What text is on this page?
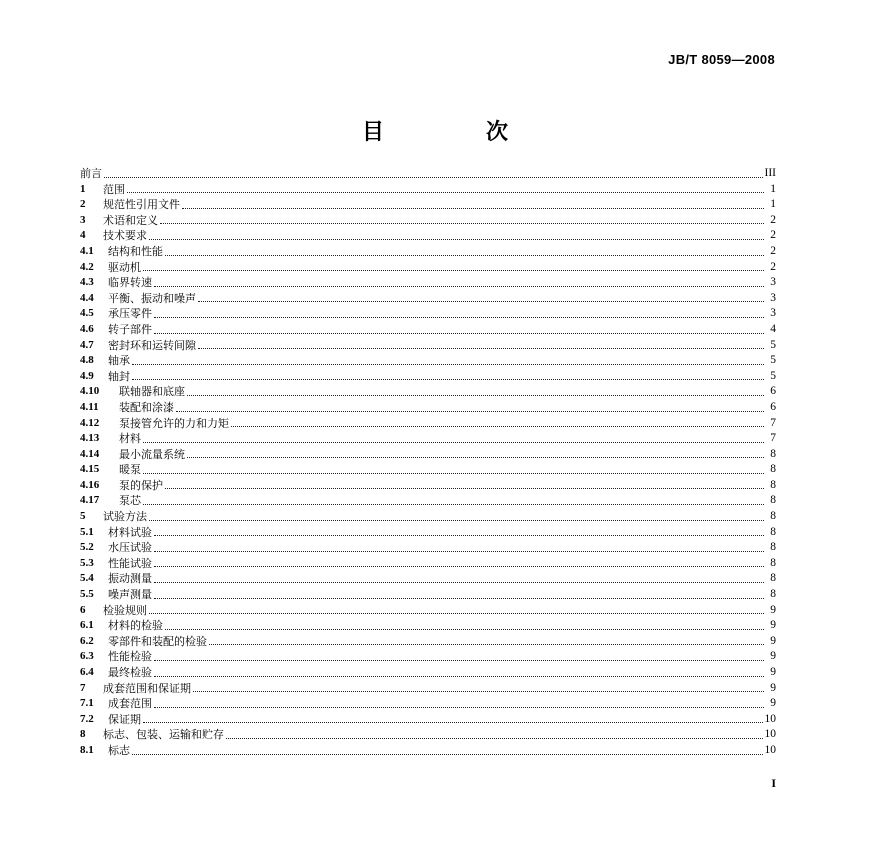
JB/T 8059—2008
目　次
前言	III
1	范围	1
2	规范性引用文件	1
3	术语和定义	2
4	技术要求	2
4.1	结构和性能	2
4.2	驱动机	2
4.3	临界转速	3
4.4	平衡、振动和噪声	3
4.5	承压零件	3
4.6	转子部件	4
4.7	密封环和运转间隙	5
4.8	轴承	5
4.9	轴封	5
4.10	联轴器和底座	6
4.11	装配和涂漆	6
4.12	泵接管允许的力和力矩	7
4.13	材料	7
4.14	最小流量系统	8
4.15	暖泵	8
4.16	泵的保护	8
4.17	泵芯	8
5	试验方法	8
5.1	材料试验	8
5.2	水压试验	8
5.3	性能试验	8
5.4	振动测量	8
5.5	噪声测量	8
6	检验规则	9
6.1	材料的检验	9
6.2	零部件和装配的检验	9
6.3	性能检验	9
6.4	最终检验	9
7	成套范围和保证期	9
7.1	成套范围	9
7.2	保证期	10
8	标志、包装、运输和贮存	10
8.1	标志	10
I
